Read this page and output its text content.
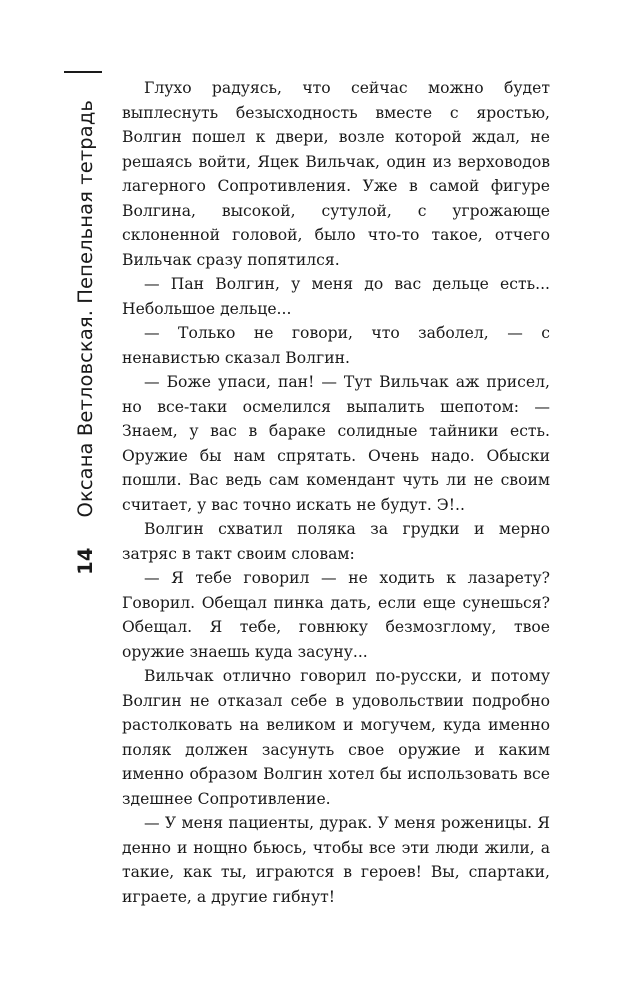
14Оксана Ветловская. Пепельная тетрадь

Глухо радуясь, что сейчас можно будет выплеснуть безысходность вместе с яростью, Волгин пошел к двери, возле которой ждал, не решаясь войти, Яцек Вильчак, один из верховодов лагерного Сопротивления. Уже в самой фигуре Волгина, высокой, сутулой, с угрожающе склоненной головой, было что-то такое, отчего Вильчак сразу попятился.

— Пан Волгин, у меня до вас дельце есть... Небольшое дельце...

— Только не говори, что заболел, — с ненавистью сказал Волгин.

— Боже упаси, пан! — Тут Вильчак аж присел, но все-таки осмелился выпалить шепотом: — Знаем, у вас в бараке солидные тайники есть. Оружие бы нам спрятать. Очень надо. Обыски пошли. Вас ведь сам комендант чуть ли не своим считает, у вас точно искать не будут. Э!..

Волгин схватил поляка за грудки и мерно затряс в такт своим словам:

— Я тебе говорил — не ходить к лазарету? Говорил. Обещал пинка дать, если еще сунешься? Обещал. Я тебе, говнюку безмозглому, твое оружие знаешь куда засуну...

Вильчак отлично говорил по-русски, и потому Волгин не отказал себе в удовольствии подробно растолковать на великом и могучем, куда именно поляк должен засунуть свое оружие и каким именно образом Волгин хотел бы использовать все здешнее Сопротивление.

— У меня пациенты, дурак. У меня роженицы. Я денно и нощно бьюсь, чтобы все эти люди жили, а такие, как ты, играются в героев! Вы, спартаки, играете, а другие гибнут!
